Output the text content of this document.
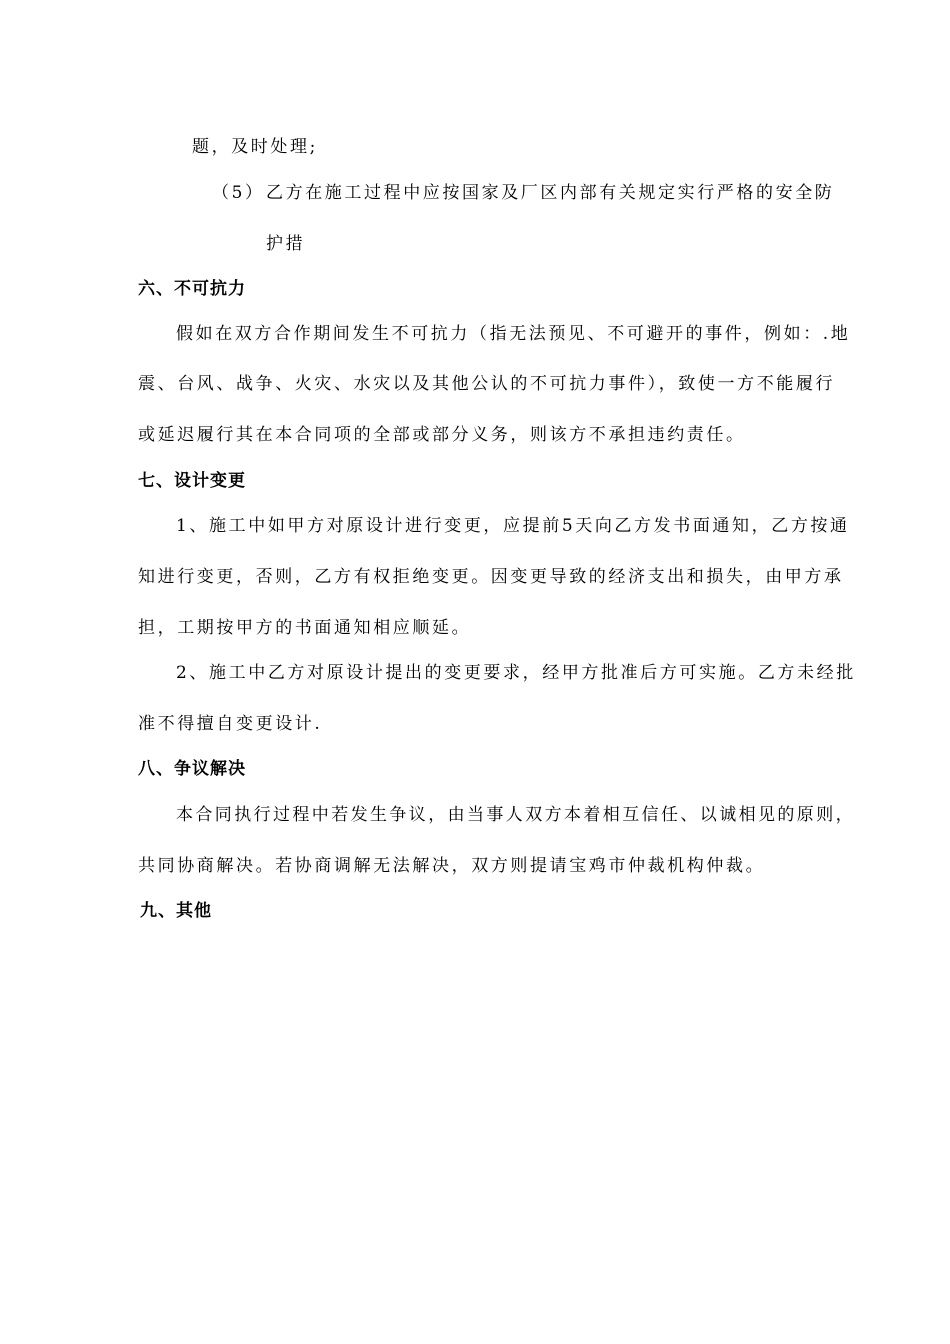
题，及时处理;
（5） 乙方在施工过程中应按国家及厂区内部有关规定实行严格的安全防
护措
六、不可抗力
假如在双方合作期间发生不可抗力（指无法预见、不可避开的事件，例如：.地
震、台风、战争、火灾、水灾以及其他公认的不可抗力事件），致使一方不能履行
或延迟履行其在本合同项的全部或部分义务，则该方不承担违约责任。
七、设计变更
1、施工中如甲方对原设计进行变更，应提前5天向乙方发书面通知，乙方按通
知进行变更，否则，乙方有权拒绝变更。因变更导致的经济支出和损失，由甲方承
担，工期按甲方的书面通知相应顺延。
2、施工中乙方对原设计提出的变更要求，经甲方批准后方可实施。乙方未经批
准不得擅自变更设计.
八、争议解决
本合同执行过程中若发生争议，由当事人双方本着相互信任、以诚相见的原则，
共同协商解决。若协商调解无法解决，双方则提请宝鸡市仲裁机构仲裁。
九、其他
